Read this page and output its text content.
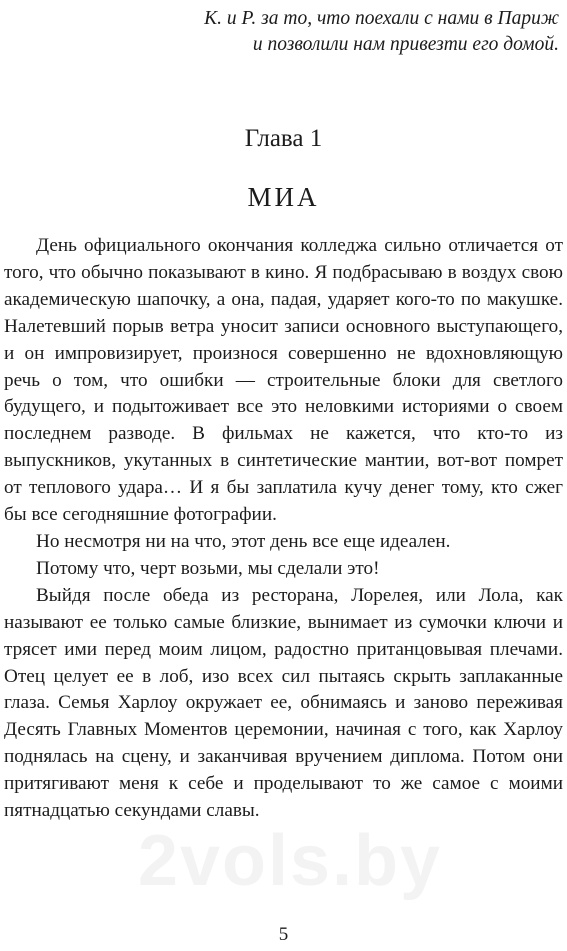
К. и Р. за то, что поехали с нами в Париж
и позволили нам привезти его домой.
Глава 1
МИА

День официального окончания колледжа сильно отличается от того, что обычно показывают в кино. Я подбрасываю в воздух свою академическую шапочку, а она, падая, ударяет кого-то по макушке. Налетевший порыв ветра уносит записи основного выступающего, и он импровизирует, произнося совершенно не вдохновляющую речь о том, что ошибки — строительные блоки для светлого будущего, и подытоживает все это неловкими историями о своем последнем разводе. В фильмах не кажется, что кто-то из выпускников, укутанных в синтетические мантии, вот-вот помрет от теплового удара… И я бы заплатила кучу денег тому, кто сжег бы все сегодняшние фотографии.

Но несмотря ни на что, этот день все еще идеален.

Потому что, черт возьми, мы сделали это!

Выйдя после обеда из ресторана, Лорелея, или Лола, как называют ее только самые близкие, вынимает из сумочки ключи и трясет ими перед моим лицом, радостно пританцовывая плечами. Отец целует ее в лоб, изо всех сил пытаясь скрыть заплаканные глаза. Семья Харлоу окружает ее, обнимаясь и заново переживая Десять Главных Моментов церемонии, начиная с того, как Харлоу поднялась на сцену, и заканчивая вручением диплома. Потом они притягивают меня к себе и проделывают то же самое с моими пятнадцатью секундами славы.

2vols.by
5
